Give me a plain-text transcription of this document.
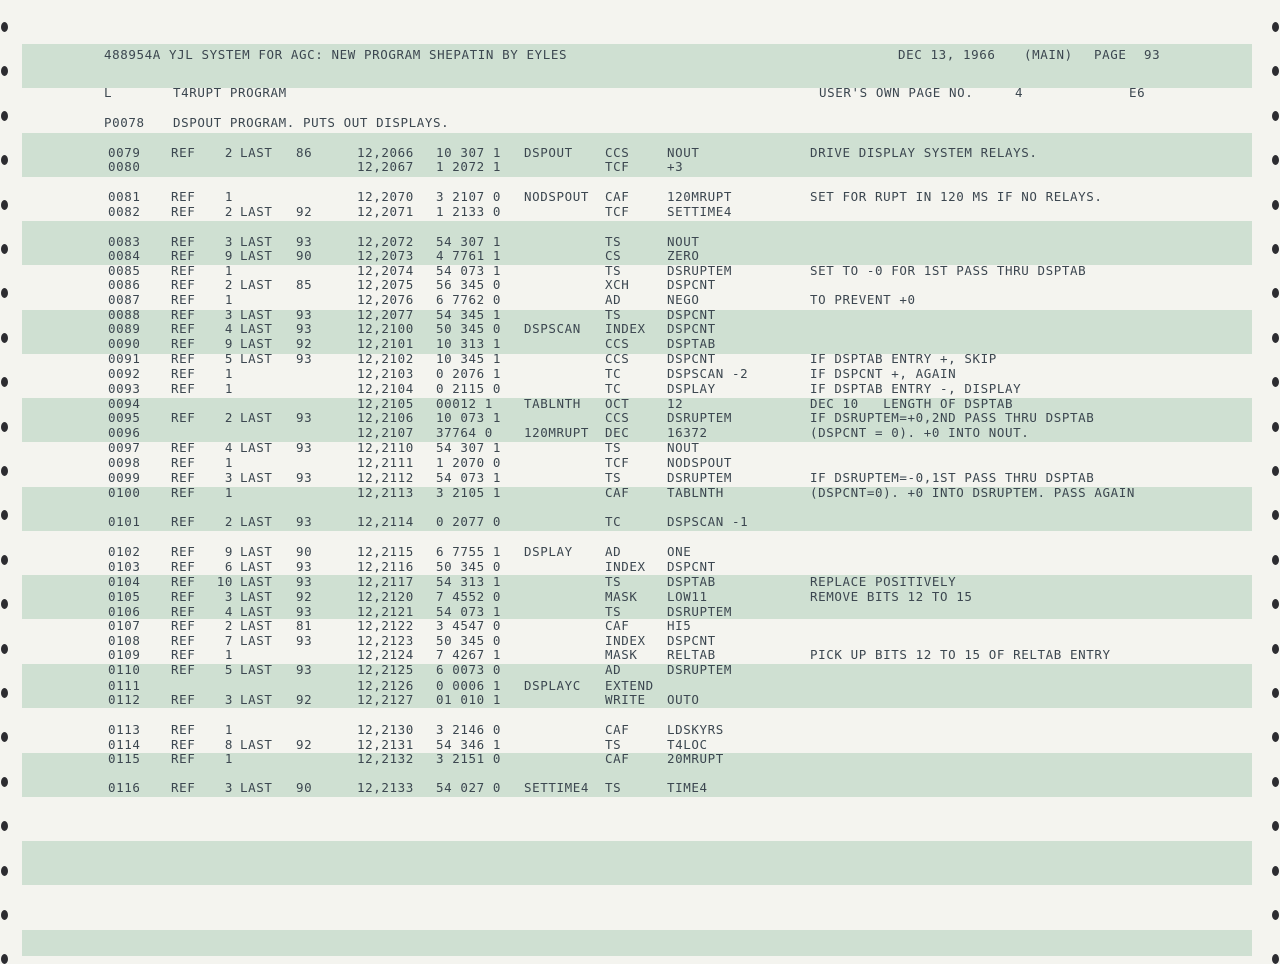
488954A YJL SYSTEM FOR AGC: NEW PROGRAM SHEPATIN BY EYLES	DEC 13, 1966 (MAIN) PAGE 93
L	T4RUPT PROGRAM	USER'S OWN PAGE NO.	4	E6
P0078 DSPOUT PROGRAM. PUTS OUT DISPLAYS.
0079 REF	2 LAST 86	12,2066 10 307 1 DSPOUT	CCS	NOUT	DRIVE DISPLAY SYSTEM RELAYS.
0080	12,2067 1 2072 1	TCF	+3
0081 REF	1	12,2070 3 2107 0 NODSPOUT CAF	120MRUPT	SET FOR RUPT IN 120 MS IF NO RELAYS.
0082 REF	2 LAST 92	12,2071 1 2133 0	TCF	SETTIME4
0083 REF	3 LAST 93	12,2072 54 307 1	TS	NOUT
0084 REF	9 LAST 90	12,2073 4 7761 1	CS	ZERO
0085 REF	1	12,2074 54 073 1	TS	DSRUPTEM	SET TO -0 FOR 1ST PASS THRU DSPTAB
0086 REF	2 LAST 85	12,2075 56 345 0	XCH	DSPCNT
0087 REF	1	12,2076 6 7762 0	AD	NEGO	TO PREVENT +0
0088 REF	3 LAST 93	12,2077 54 345 1	TS	DSPCNT
0089 REF	4 LAST 93	12,2100 50 345 0 DSPSCAN INDEX DSPCNT
0090 REF	9 LAST 92	12,2101 10 313 1	CCS	DSPTAB
0091 REF	5 LAST 93	12,2102 10 345 1	CCS	DSPCNT	IF DSPTAB ENTRY +, SKIP
0092 REF	1	12,2103 0 2076 1	TC	DSPSCAN -2	IF DSPCNT +, AGAIN
0093 REF	1	12,2104 0 2115 0	TC	DSPLAY	IF DSPTAB ENTRY -, DISPLAY
0094	12,2105 00012 1 TABLNTH OCT	12	DEC 10   LENGTH OF DSPTAB
0095 REF	2 LAST 93	12,2106 10 073 1	CCS	DSRUPTEM	IF DSRUPTEM=+0,2ND PASS THRU DSPTAB
0096	12,2107 37764 0 120MRUPT DEC	16372	(DSPCNT = 0). +0 INTO NOUT.
0097 REF	4 LAST 93	12,2110 54 307 1	TS	NOUT
0098 REF	1	12,2111 1 2070 0	TCF	NODSPOUT
0099 REF	3 LAST 93	12,2112 54 073 1	TS	DSRUPTEM	IF DSRUPTEM=-0,1ST PASS THRU DSPTAB
0100 REF	1	12,2113 3 2105 1	CAF	TABLNTH	(DSPCNT=0). +0 INTO DSRUPTEM. PASS AGAIN
0101 REF	2 LAST 93	12,2114 0 2077 0	TC	DSPSCAN -1
0102 REF	9 LAST 90	12,2115 6 7755 1 DSPLAY	AD	ONE
0103 REF	6 LAST 93	12,2116 50 345 0	INDEX DSPCNT
0104 REF	10 LAST 93	12,2117 54 313 1	TS	DSPTAB	REPLACE POSITIVELY
0105 REF	3 LAST 92	12,2120 7 4552 0	MASK LOW11	REMOVE BITS 12 TO 15
0106 REF	4 LAST 93	12,2121 54 073 1	TS	DSRUPTEM
0107 REF	2 LAST 81	12,2122 3 4547 0	CAF	HI5
0108 REF	7 LAST 93	12,2123 50 345 0	INDEX DSPCNT
0109 REF	1	12,2124 7 4267 1	MASK RELTAB	PICK UP BITS 12 TO 15 OF RELTAB ENTRY
0110 REF	5 LAST 93	12,2125 6 0073 0	AD	DSRUPTEM
0111	12,2126 0 0006 1 DSPLAYC EXTEND
0112 REF	3 LAST 92	12,2127 01 010 1	WRITE OUTO
0113 REF	1	12,2130 3 2146 0	CAF	LDSKYRS
0114 REF	8 LAST 92	12,2131 54 346 1	TS	T4LOC
0115 REF	1	12,2132 3 2151 0	CAF	20MRUPT
0116 REF	3 LAST 90	12,2133 54 027 0 SETTIME4 TS	TIME4
